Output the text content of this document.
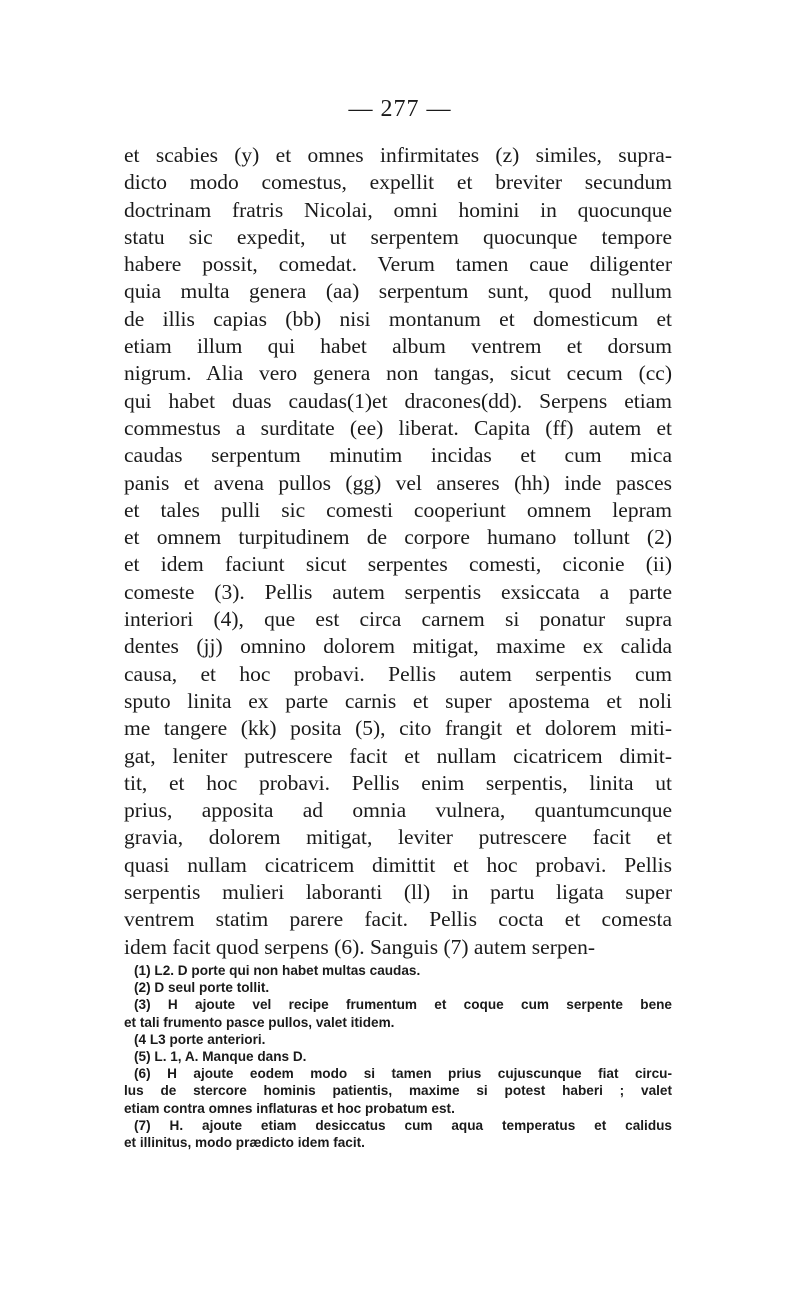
— 277 —
et scabies (y) et omnes infirmitates (z) similes, supra-
dicto modo comestus, expellit et breviter secundum
doctrinam fratris Nicolai, omni homini in quocunque
statu sic expedit, ut serpentem quocunque tempore
habere possit, comedat. Verum tamen caue diligenter
quia multa genera (aa) serpentum sunt, quod nullum
de illis capias (bb) nisi montanum et domesticum et
etiam illum qui habet album ventrem et dorsum
nigrum. Alia vero genera non tangas, sicut cecum (cc)
qui habet duas caudas(1)et dracones(dd). Serpens etiam
commestus a surditate (ee) liberat. Capita (ff) autem et
caudas serpentum minutim incidas et cum mica
panis et avena pullos (gg) vel anseres (hh) inde pasces
et tales pulli sic comesti cooperiunt omnem lepram
et omnem turpitudinem de corpore humano tollunt (2)
et idem faciunt sicut serpentes comesti, ciconie (ii)
comeste (3). Pellis autem serpentis exsiccata a parte
interiori (4), que est circa carnem si ponatur supra
dentes (jj) omnino dolorem mitigat, maxime ex calida
causa, et hoc probavi. Pellis autem serpentis cum
sputo linita ex parte carnis et super apostema et noli
me tangere (kk) posita (5), cito frangit et dolorem miti-
gat, leniter putrescere facit et nullam cicatricem dimit-
tit, et hoc probavi. Pellis enim serpentis, linita ut
prius, apposita ad omnia vulnera, quantumcunque
gravia, dolorem mitigat, leviter putrescere facit et
quasi nullam cicatricem dimittit et hoc probavi. Pellis
serpentis mulieri laboranti (ll) in partu ligata super
ventrem statim parere facit. Pellis cocta et comesta
idem facit quod serpens (6). Sanguis (7) autem serpen-
(1) L2. D porte qui non habet multas caudas.
(2) D seul porte tollit.
(3) H ajoute vel recipe frumentum et coque cum serpente bene
et tali frumento pasce pullos, valet itidem.
(4 L3 porte anteriori.
(5) L. 1, A. Manque dans D.
(6) H ajoute eodem modo si tamen prius cujuscunque fiat circu-
lus de stercore hominis patientis, maxime si potest haberi ; valet
etiam contra omnes inflaturas et hoc probatum est.
(7) H. ajoute etiam desiccatus cum aqua temperatus et calidus
et illinitus, modo prædicto idem facit.
